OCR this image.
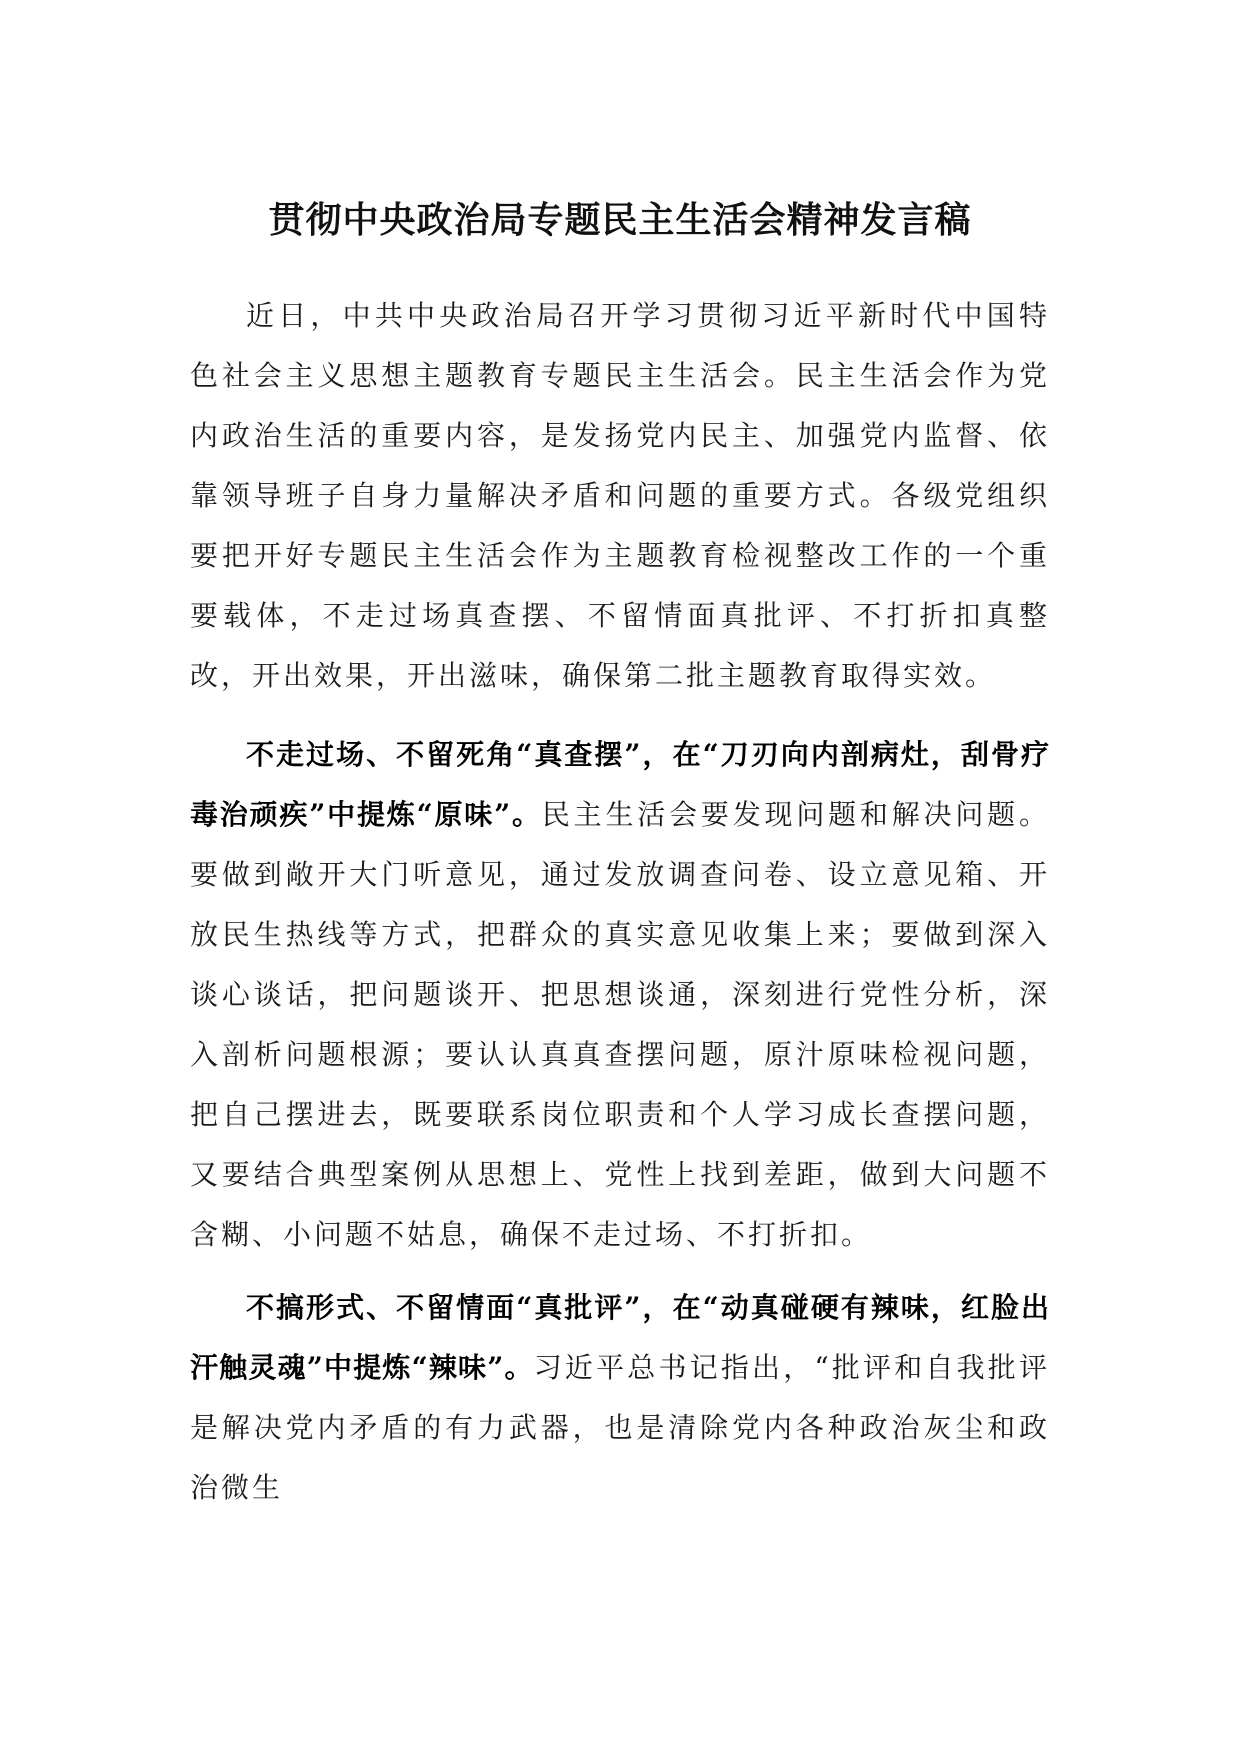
贯彻中央政治局专题民主生活会精神发言稿

近日，中共中央政治局召开学习贯彻习近平新时代中国特色社会主义思想主题教育专题民主生活会。民主生活会作为党内政治生活的重要内容，是发扬党内民主、加强党内监督、依靠领导班子自身力量解决矛盾和问题的重要方式。各级党组织要把开好专题民主生活会作为主题教育检视整改工作的一个重要载体，不走过场真查摆、不留情面真批评、不打折扣真整改，开出效果，开出滋味，确保第二批主题教育取得实效。

不走过场、不留死角“真查摆”，在“刀刃向内剖病灶，刮骨疗毒治顽疾”中提炼“原味”。民主生活会要发现问题和解决问题。要做到敞开大门听意见，通过发放调查问卷、设立意见箱、开放民生热线等方式，把群众的真实意见收集上来；要做到深入谈心谈话，把问题谈开、把思想谈通，深刻进行党性分析，深入剖析问题根源；要认认真真查摆问题，原汁原味检视问题，把自己摆进去，既要联系岗位职责和个人学习成长查摆问题，又要结合典型案例从思想上、党性上找到差距，做到大问题不含糊、小问题不姑息，确保不走过场、不打折扣。

不搞形式、不留情面“真批评”，在“动真碰硬有辣味，红脸出汗触灵魂”中提炼“辣味”。习近平总书记指出，“批评和自我批评是解决党内矛盾的有力武器，也是清除党内各种政治灰尘和政治微生
